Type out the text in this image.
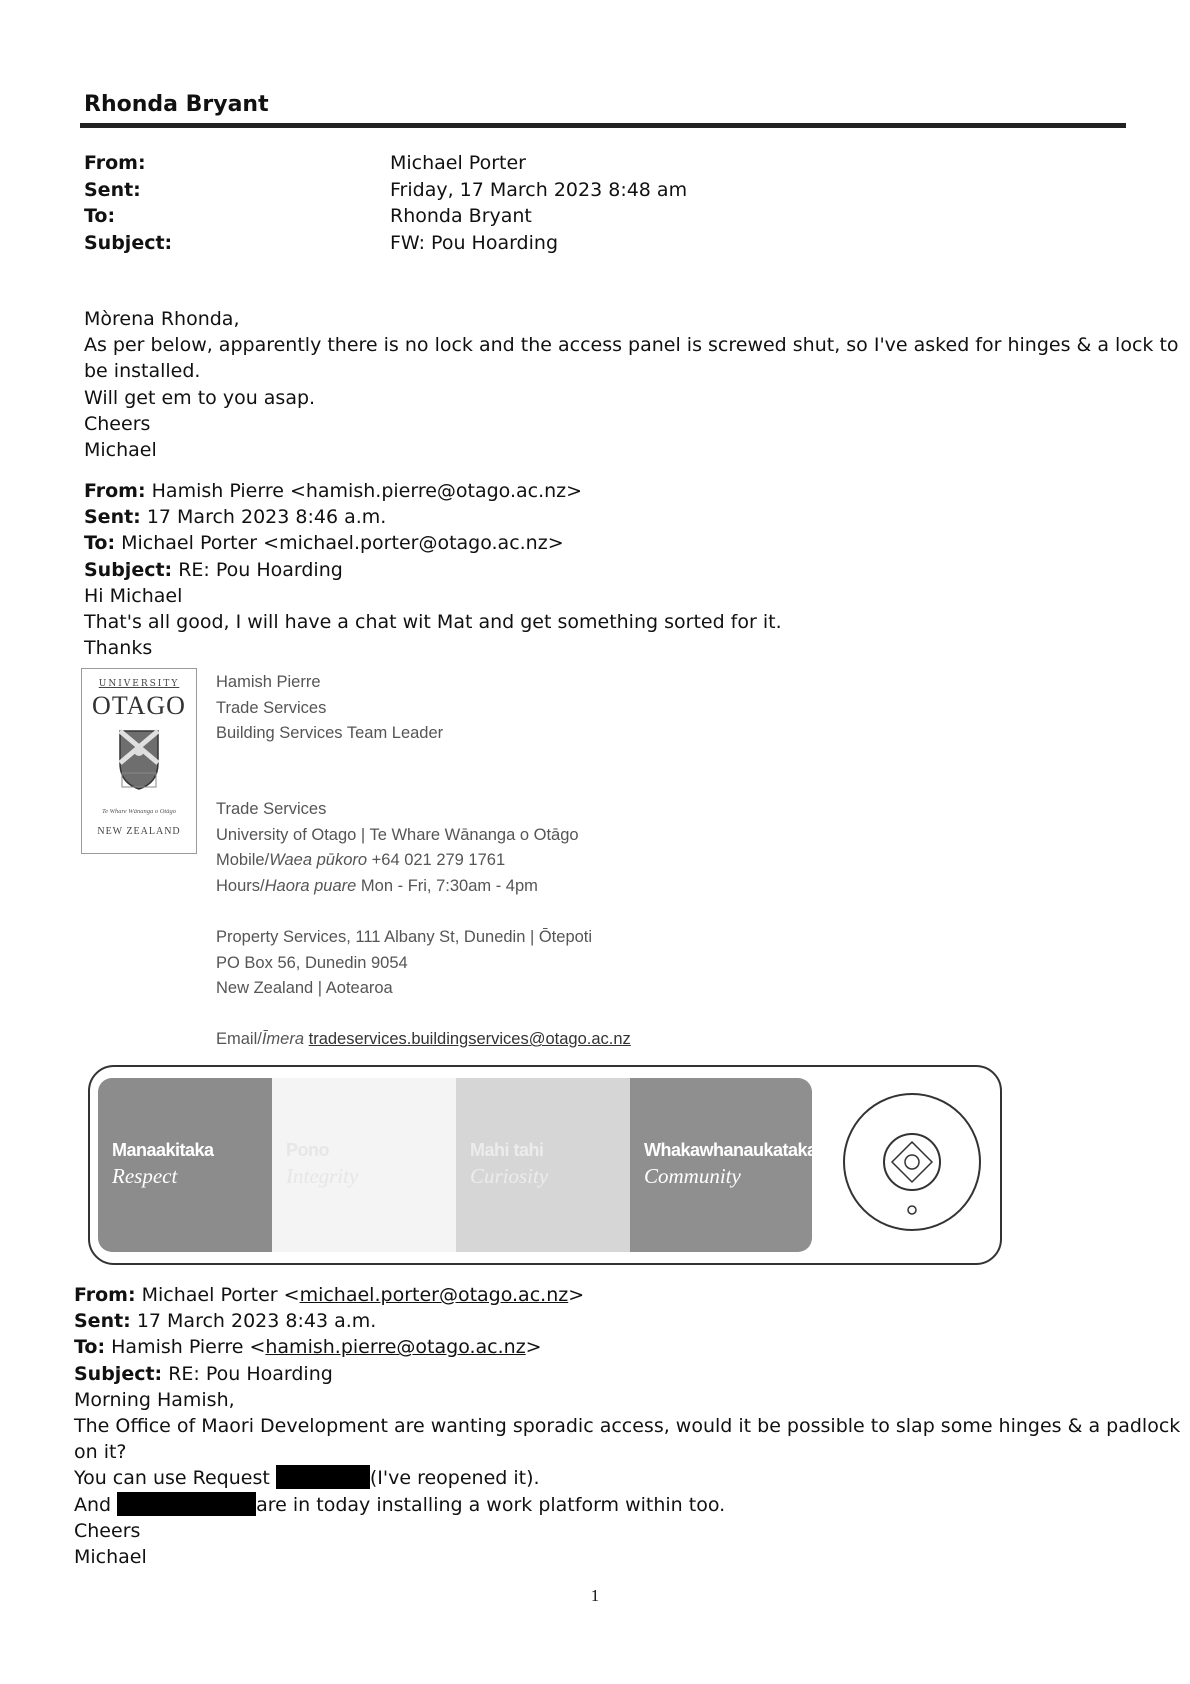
Rhonda Bryant
From:	Michael Porter
Sent:	Friday, 17 March 2023 8:48 am
To:	Rhonda Bryant
Subject:	FW: Pou Hoarding
Mòrena Rhonda,
As per below, apparently there is no lock and the access panel is screwed shut, so I've asked for hinges & a lock to
be installed.
Will get em to you asap.
Cheers
Michael
From: Hamish Pierre <hamish.pierre@otago.ac.nz>
Sent: 17 March 2023 8:46 a.m.
To: Michael Porter <michael.porter@otago.ac.nz>
Subject: RE: Pou Hoarding
Hi Michael
That's all good, I will have a chat wit Mat and get something sorted for it.
Thanks
UNIVERSITY
OTAGO
Te Whare Wānanga o Otāgo
NEW ZEALAND
Hamish Pierre
Trade Services
Building Services Team Leader
Trade Services
University of Otago | Te Whare Wānanga o Otāgo
Mobile/Waea pūkoro +64 021 279 1761
Hours/Haora puare Mon - Fri, 7:30am - 4pm
Property Services, 111 Albany St, Dunedin | Ōtepoti
PO Box 56, Dunedin 9054
New Zealand | Aotearoa
Email/Īmera tradeservices.buildingservices@otago.ac.nz
Manaakitaka
Respect
Pono
Integrity
Mahi tahi
Curiosity
Whakawhanaukataka
Community
From: Michael Porter <michael.porter@otago.ac.nz>
Sent: 17 March 2023 8:43 a.m.
To: Hamish Pierre <hamish.pierre@otago.ac.nz>
Subject: RE: Pou Hoarding
Morning Hamish,
The Office of Maori Development are wanting sporadic access, would it be possible to slap some hinges & a padlock
on it?
You can use Request	(I've reopened it).
And	are in today installing a work platform within too.
Cheers
Michael
1
